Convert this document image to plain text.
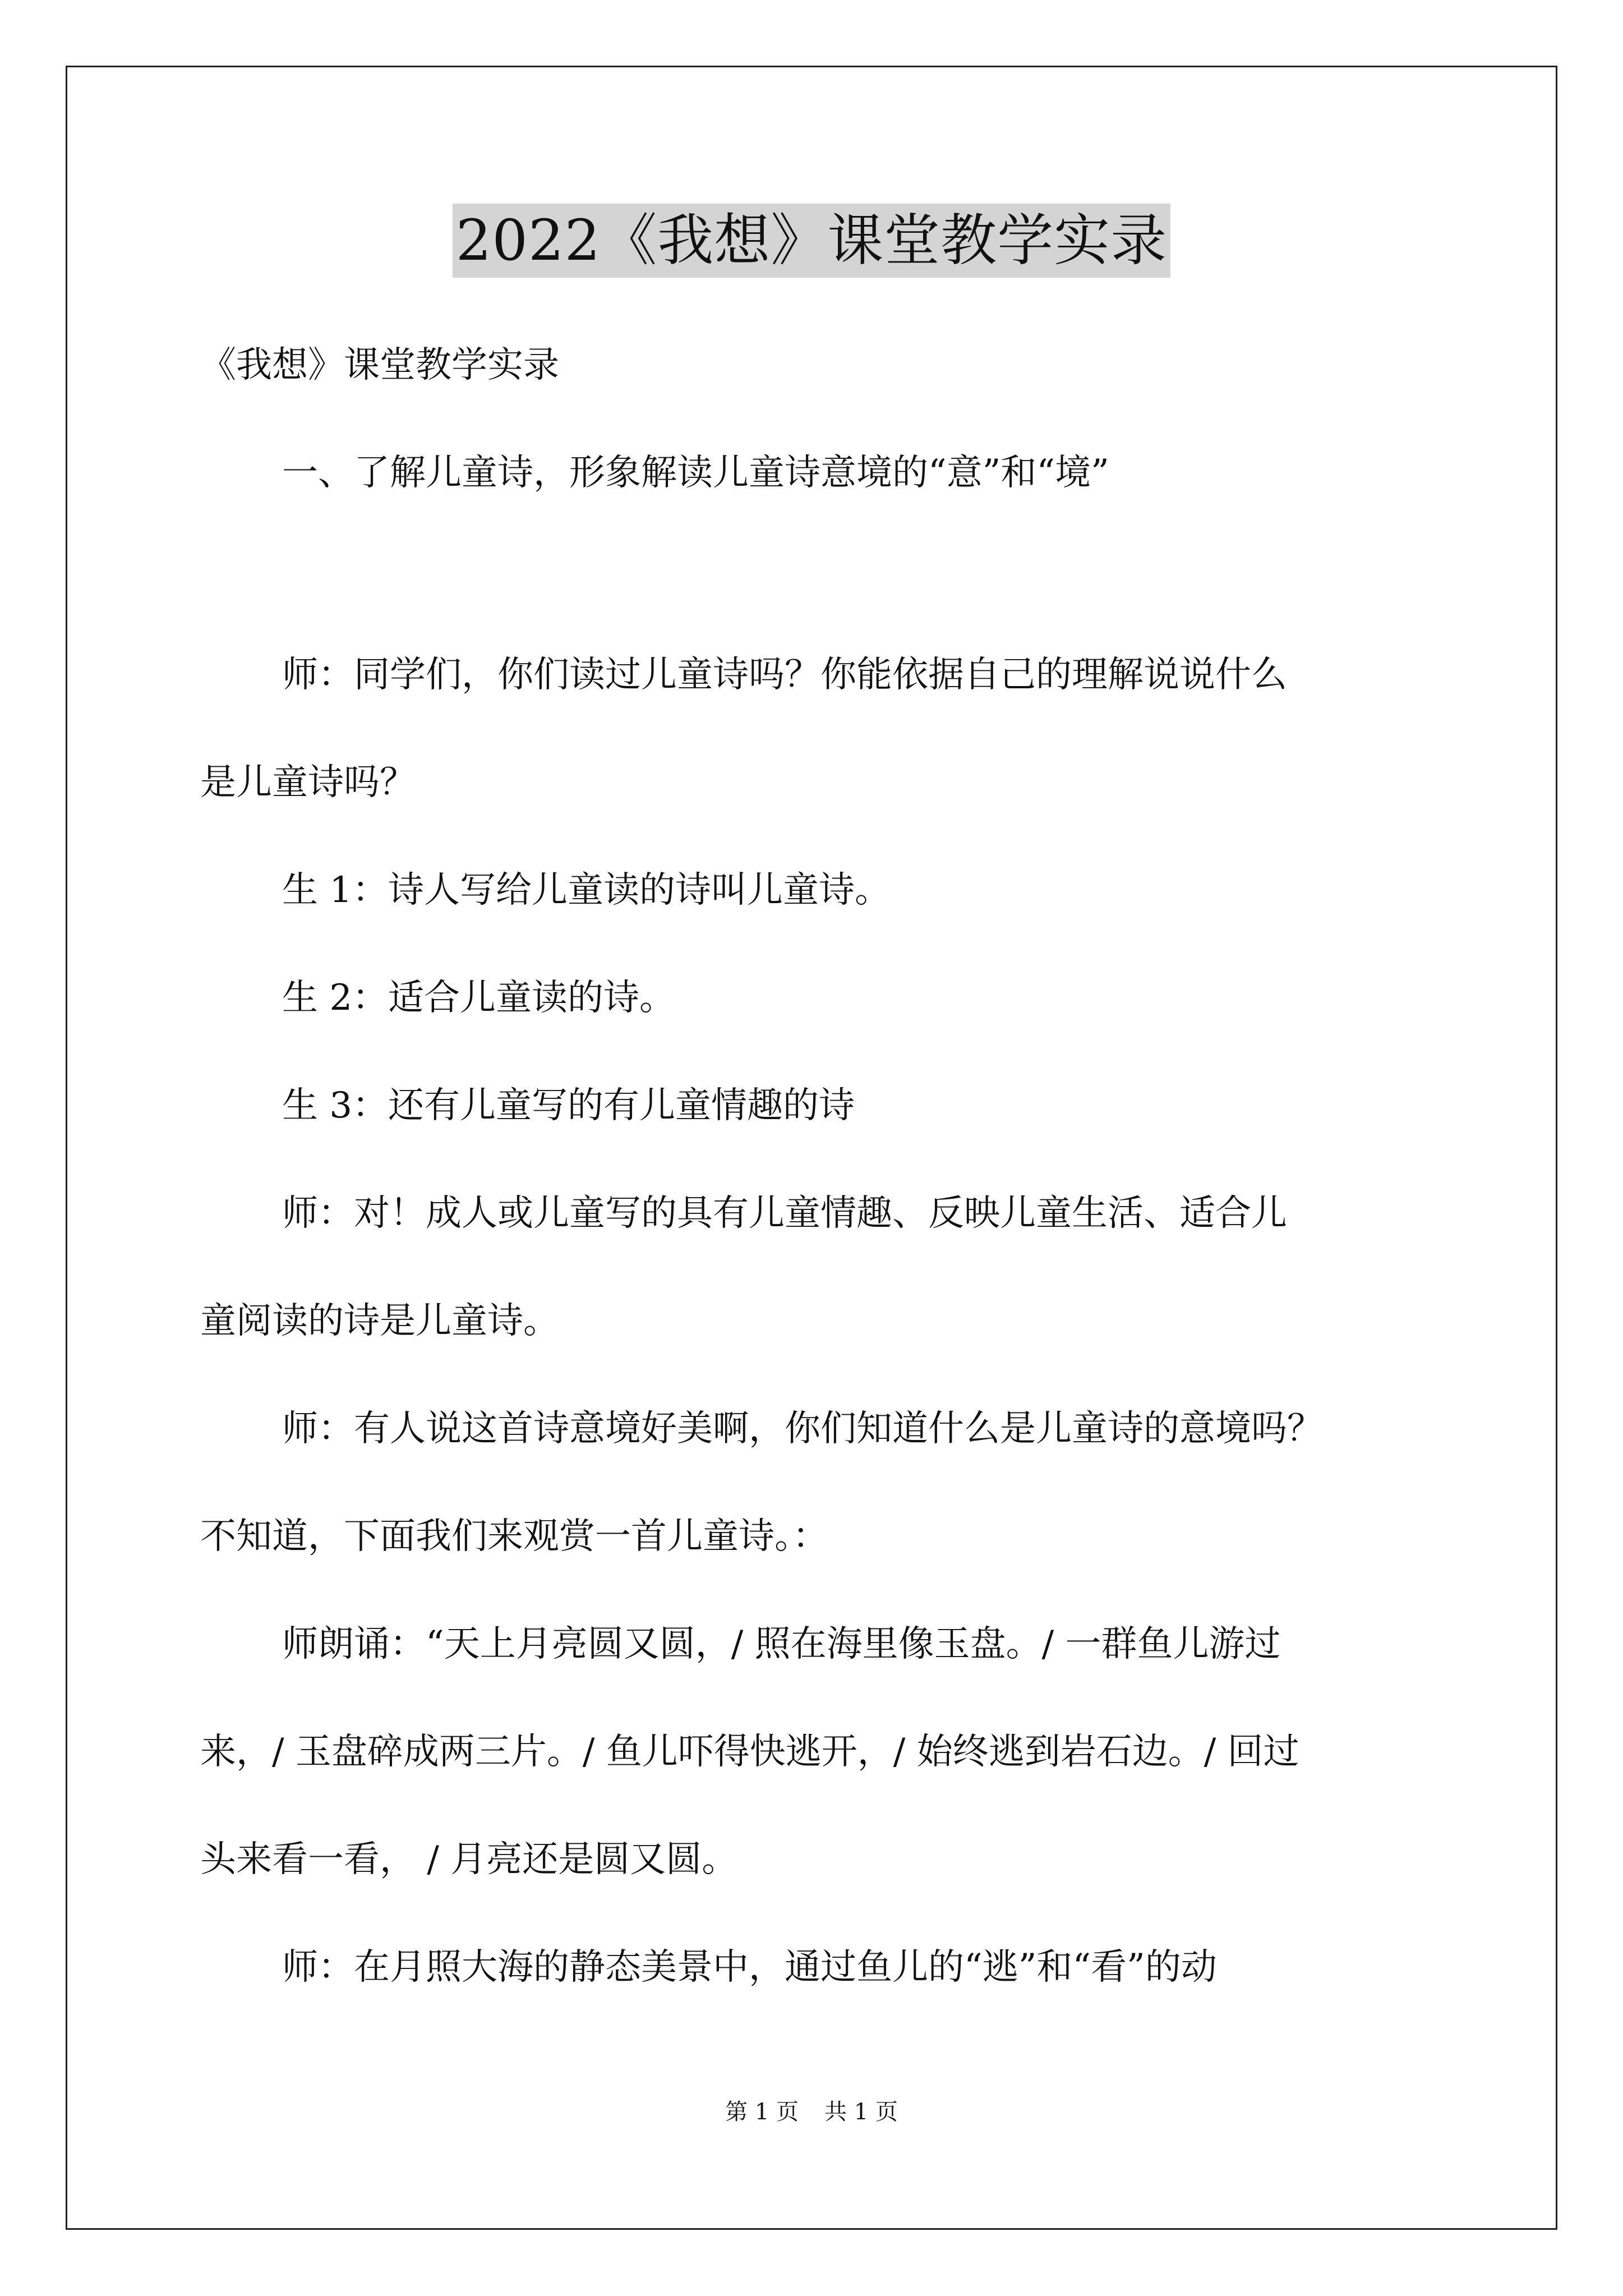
2022《我想》课堂教学实录
《我想》课堂教学实录
一、了解儿童诗，形象解读儿童诗意境的“意”和“境”
师：同学们，你们读过儿童诗吗？你能依据自己的理解说说什么
是儿童诗吗？
生 1：诗人写给儿童读的诗叫儿童诗。
生 2：适合儿童读的诗。
生 3：还有儿童写的有儿童情趣的诗
师：对！成人或儿童写的具有儿童情趣、反映儿童生活、适合儿
童阅读的诗是儿童诗。
师：有人说这首诗意境好美啊，你们知道什么是儿童诗的意境吗？
不知道，下面我们来观赏一首儿童诗。：
师朗诵：“天上月亮圆又圆，/ 照在海里像玉盘。/ 一群鱼儿游过
来，/ 玉盘碎成两三片。/ 鱼儿吓得快逃开，/ 始终逃到岩石边。/ 回过
头来看一看， / 月亮还是圆又圆。
师：在月照大海的静态美景中，通过鱼儿的“逃”和“看”的动
第 1 页 共 1 页
